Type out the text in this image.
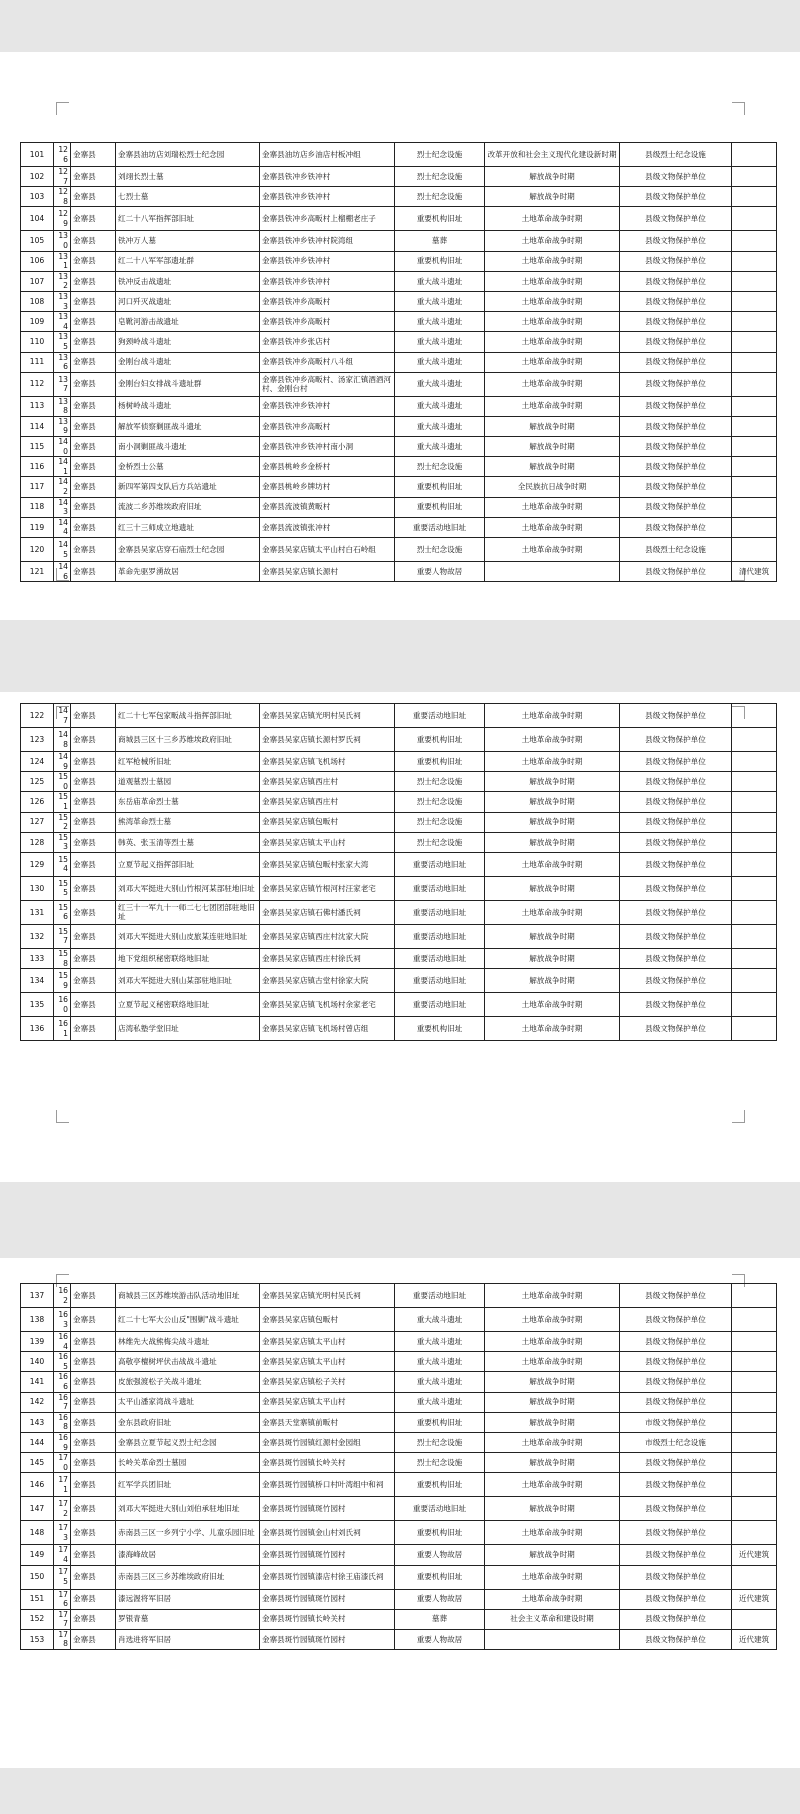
101	126	金寨县	金寨县油坊店刘瑞松烈士纪念园	金寨县油坊店乡油店村板冲组	烈士纪念设施	改革开放和社会主义现代化建设新时期	县级烈士纪念设施	
102	127	金寨县	刘翊长烈士墓	金寨县铁冲乡铁冲村	烈士纪念设施	解放战争时期	县级文物保护单位	
103	128	金寨县	七烈士墓	金寨县铁冲乡铁冲村	烈士纪念设施	解放战争时期	县级文物保护单位	
104	129	金寨县	红二十八军指挥部旧址	金寨县铁冲乡高畈村上榴棚老庄子	重要机构旧址	土地革命战争时期	县级文物保护单位	
105	130	金寨县	铁冲万人墓	金寨县铁冲乡铁冲村院湾组	墓葬	土地革命战争时期	县级文物保护单位	
106	131	金寨县	红二十八军军部遗址群	金寨县铁冲乡铁冲村	重要机构旧址	土地革命战争时期	县级文物保护单位	
107	132	金寨县	铁冲反击战遗址	金寨县铁冲乡铁冲村	重大战斗遗址	土地革命战争时期	县级文物保护单位	
108	133	金寨县	河口歼灭战遗址	金寨县铁冲乡高畈村	重大战斗遗址	土地革命战争时期	县级文物保护单位	
109	134	金寨县	皂靴河游击战遗址	金寨县铁冲乡高畈村	重大战斗遗址	土地革命战争时期	县级文物保护单位	
110	135	金寨县	狗颈岭战斗遗址	金寨县铁冲乡张店村	重大战斗遗址	土地革命战争时期	县级文物保护单位	
111	136	金寨县	金刚台战斗遗址	金寨县铁冲乡高畈村八斗组	重大战斗遗址	土地革命战争时期	县级文物保护单位	
112	137	金寨县	金刚台妇女排战斗遗址群	金寨县铁冲乡高畈村、汤家汇镇酒酒河村、金刚台村	重大战斗遗址	土地革命战争时期	县级文物保护单位	
113	138	金寨县	杨树岭战斗遗址	金寨县铁冲乡铁冲村	重大战斗遗址	土地革命战争时期	县级文物保护单位	
114	139	金寨县	解放军侦察剿匪战斗遗址	金寨县铁冲乡高畈村	重大战斗遗址	解放战争时期	县级文物保护单位	
115	140	金寨县	南小洞剿匪战斗遗址	金寨县铁冲乡铁冲村南小洞	重大战斗遗址	解放战争时期	县级文物保护单位	
116	141	金寨县	金桥烈士公墓	金寨县桃岭乡金桥村	烈士纪念设施	解放战争时期	县级文物保护单位	
117	142	金寨县	新四军第四支队后方兵站遗址	金寨县桃岭乡牌坊村	重要机构旧址	全民族抗日战争时期	县级文物保护单位	
118	143	金寨县	流波二乡苏维埃政府旧址	金寨县流波镇黄畈村	重要机构旧址	土地革命战争时期	县级文物保护单位	
119	144	金寨县	红三十三师成立地遗址	金寨县流波镇张冲村	重要活动地旧址	土地革命战争时期	县级文物保护单位	
120	145	金寨县	金寨县吴家店穿石庙烈士纪念园	金寨县吴家店镇太平山村白石岭组	烈士纪念设施	土地革命战争时期	县级烈士纪念设施	
121	146	金寨县	革命先驱罗湧故居	金寨县吴家店镇长源村	重要人物故居		县级文物保护单位	清代建筑
122	147	金寨县	红二十七军包家畈战斗指挥部旧址	金寨县吴家店镇光明村吴氏祠	重要活动地旧址	土地革命战争时期	县级文物保护单位	
123	148	金寨县	商城县三区十三乡苏维埃政府旧址	金寨县吴家店镇长源村罗氏祠	重要机构旧址	土地革命战争时期	县级文物保护单位	
124	149	金寨县	红军枪械所旧址	金寨县吴家店镇飞机场村	重要机构旧址	土地革命战争时期	县级文物保护单位	
125	150	金寨县	道观墓烈士墓园	金寨县吴家店镇西庄村	烈士纪念设施	解放战争时期	县级文物保护单位	
126	151	金寨县	东岳庙革命烈士墓	金寨县吴家店镇西庄村	烈士纪念设施	解放战争时期	县级文物保护单位	
127	152	金寨县	熊湾革命烈士墓	金寨县吴家店镇包畈村	烈士纪念设施	解放战争时期	县级文物保护单位	
128	153	金寨县	韩英、张玉清等烈士墓	金寨县吴家店镇太平山村	烈士纪念设施	解放战争时期	县级文物保护单位	
129	154	金寨县	立夏节起义指挥部旧址	金寨县吴家店镇包畈村张家大湾	重要活动地旧址	土地革命战争时期	县级文物保护单位	
130	155	金寨县	刘邓大军挺进大别山竹根河某部驻地旧址	金寨县吴家店镇竹根河村汪家老宅	重要活动地旧址	解放战争时期	县级文物保护单位	
131	156	金寨县	红三十一军九十一师二七七团团部驻地旧址	金寨县吴家店镇石佛村潘氏祠	重要活动地旧址	土地革命战争时期	县级文物保护单位	
132	157	金寨县	刘邓大军挺进大别山皮旅某连驻地旧址	金寨县吴家店镇西庄村沈家大院	重要活动地旧址	解放战争时期	县级文物保护单位	
133	158	金寨县	地下党组织秘密联络地旧址	金寨县吴家店镇西庄村徐氏祠	重要活动地旧址	解放战争时期	县级文物保护单位	
134	159	金寨县	刘邓大军挺进大别山某部驻地旧址	金寨县吴家店镇古堂村徐家大院	重要活动地旧址	解放战争时期	县级文物保护单位	
135	160	金寨县	立夏节起义秘密联络地旧址	金寨县吴家店镇飞机场村余家老宅	重要活动地旧址	土地革命战争时期	县级文物保护单位	
136	161	金寨县	店湾私塾学堂旧址	金寨县吴家店镇飞机场村曾店组	重要机构旧址	土地革命战争时期	县级文物保护单位	
137	162	金寨县	商城县三区苏维埃游击队活动地旧址	金寨县吴家店镇光明村吴氏祠	重要活动地旧址	土地革命战争时期	县级文物保护单位	
138	163	金寨县	红二十七军大公山反"围剿"战斗遗址	金寨县吴家店镇包畈村	重大战斗遗址	土地革命战争时期	县级文物保护单位	
139	164	金寨县	林维先大战熊梅尖战斗遗址	金寨县吴家店镇太平山村	重大战斗遗址	土地革命战争时期	县级文物保护单位	
140	165	金寨县	高敬亭檀树坪伏击战战斗遗址	金寨县吴家店镇太平山村	重大战斗遗址	土地革命战争时期	县级文物保护单位	
141	166	金寨县	皮旅强渡松子关战斗遗址	金寨县吴家店镇松子关村	重大战斗遗址	解放战争时期	县级文物保护单位	
142	167	金寨县	太平山潘家湾战斗遗址	金寨县吴家店镇太平山村	重大战斗遗址	解放战争时期	县级文物保护单位	
143	168	金寨县	金东县政府旧址	金寨县天堂寨镇前畈村	重要机构旧址	解放战争时期	市级文物保护单位	
144	169	金寨县	金寨县立夏节起义烈士纪念园	金寨县斑竹园镇红源村金园组	烈士纪念设施	土地革命战争时期	市级烈士纪念设施	
145	170	金寨县	长岭关革命烈士墓园	金寨县斑竹园镇长岭关村	烈士纪念设施	解放战争时期	县级文物保护单位	
146	171	金寨县	红军学兵团旧址	金寨县斑竹园镇桥口村叶湾组中和祠	重要机构旧址	土地革命战争时期	县级文物保护单位	
147	172	金寨县	刘邓大军挺进大别山刘伯承驻地旧址	金寨县斑竹园镇斑竹园村	重要活动地旧址	解放战争时期	县级文物保护单位	
148	173	金寨县	赤南县三区一乡列宁小学、儿童乐园旧址	金寨县斑竹园镇金山村刘氏祠	重要机构旧址	土地革命战争时期	县级文物保护单位	
149	174	金寨县	漆海峰故居	金寨县斑竹园镇斑竹园村	重要人物故居	解放战争时期	县级文物保护单位	近代建筑
150	175	金寨县	赤南县三区三乡苏维埃政府旧址	金寨县斑竹园镇漆店村徐王庙漆氏祠	重要机构旧址	土地革命战争时期	县级文物保护单位	
151	176	金寨县	漆远渥将军旧居	金寨县斑竹园镇斑竹园村	重要人物故居	土地革命战争时期	县级文物保护单位	近代建筑
152	177	金寨县	罗银青墓	金寨县斑竹园镇长岭关村	墓葬	社会主义革命和建设时期	县级文物保护单位	
153	178	金寨县	肖选进将军旧居	金寨县斑竹园镇斑竹园村	重要人物故居		县级文物保护单位	近代建筑
